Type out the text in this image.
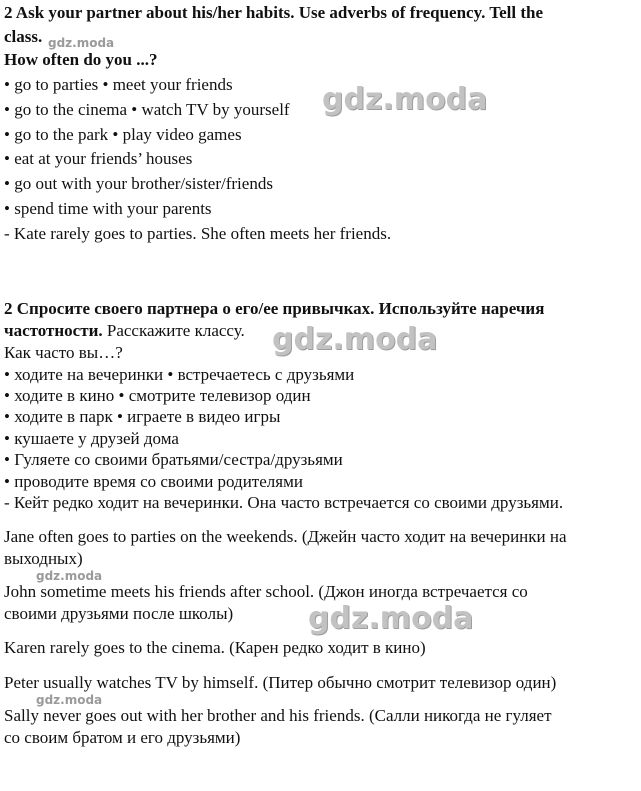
2 Ask your partner about his/her habits. Use adverbs of frequency. Tell the
class.
How often do you ...?
• go to parties • meet your friends
• go to the cinema • watch TV by yourself
• go to the park • play video games
• eat at your friends’ houses
• go out with your brother/sister/friends
• spend time with your parents
- Kate rarely goes to parties. She often meets her friends.
2 Спросите своего партнера о его/ее привычках. Используйте наречия
частотности. Расскажите классу.
Как часто вы…?
• ходите на вечеринки • встречаетесь с друзьями
• ходите в кино • смотрите телевизор один
• ходите в парк • играете в видео игры
• кушаете у друзей дома
• Гуляете со своими братьями/сестра/друзьями
• проводите время со своими родителями
- Кейт редко ходит на вечеринки. Она часто встречается со своими друзьями.
Jane often goes to parties on the weekends. (Джейн часто ходит на вечеринки на
выходных)
John sometime meets his friends after school. (Джон иногда встречается со
своими друзьями после школы)
Karen rarely goes to the cinema. (Карен редко ходит в кино)
Peter usually watches TV by himself. (Питер обычно смотрит телевизор один)
Sally never goes out with her brother and his friends. (Салли никогда не гуляет
со своим братом и его друзьями)
gdz.moda
gdz.moda
gdz.moda
gdz.moda
gdz.moda
gdz.moda
